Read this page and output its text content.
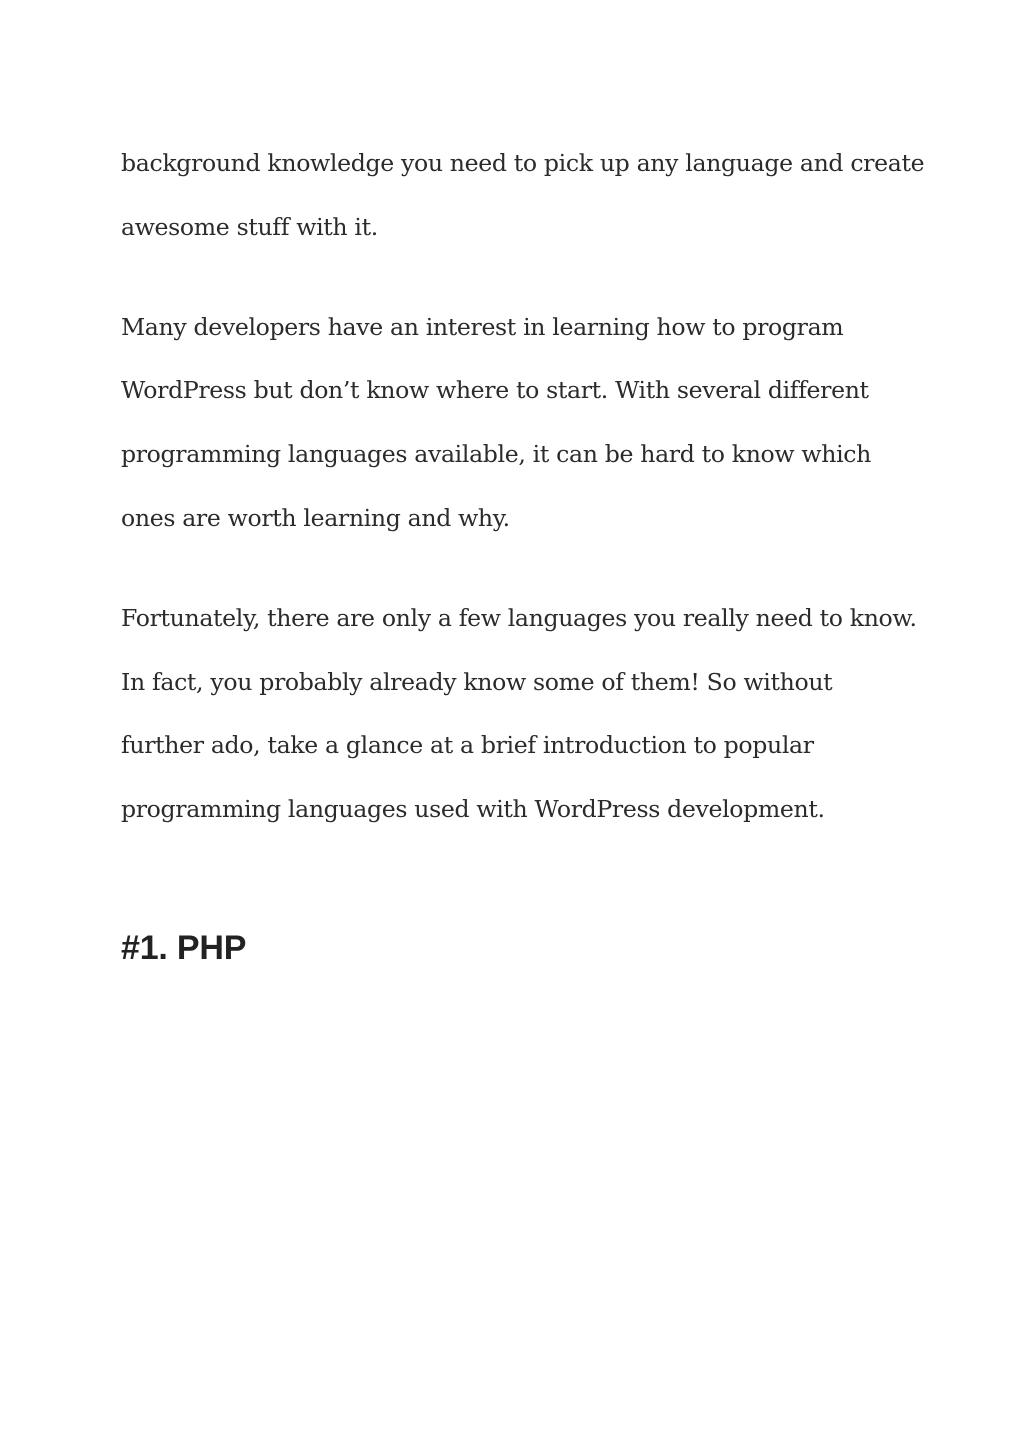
background knowledge you need to pick up any language and create
awesome stuff with it.

Many developers have an interest in learning how to program
WordPress but don’t know where to start. With several different
programming languages available, it can be hard to know which
ones are worth learning and why.

Fortunately, there are only a few languages you really need to know.
In fact, you probably already know some of them! So without
further ado, take a glance at a brief introduction to popular
programming languages used with WordPress development.

#1. PHP
